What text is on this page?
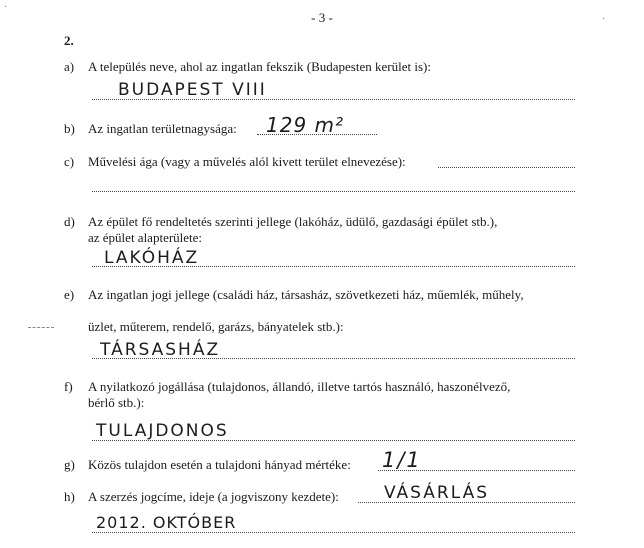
- 3 -
2.
a) A település neve, ahol az ingatlan fekszik (Budapesten kerület is):
BUDAPEST VIII
b) Az ingatlan területnagysága: 129 m²
c) Művelési ága (vagy a művelés alól kivett terület elnevezése):
d) Az épület fő rendeltetés szerinti jellege (lakóház, üdülő, gazdasági épület stb.),
az épület alapterülete:
LAKÓHÁZ
e) Az ingatlan jogi jellege (családi ház, társasház, szövetkezeti ház, műemlék, műhely,
üzlet, műterem, rendelő, garázs, bányatelek stb.):
TÁRSASHÁZ
f) A nyilatkozó jogállása (tulajdonos, állandó, illetve tartós használó, haszonélvező,
bérlő stb.):
TULAJDONOS
g) Közös tulajdon esetén a tulajdoni hányad mértéke: 1/1
h) A szerzés jogcíme, ideje (a jogviszony kezdete):	VÁSÁRLÁS
2012. OKTÓBER
·
·
